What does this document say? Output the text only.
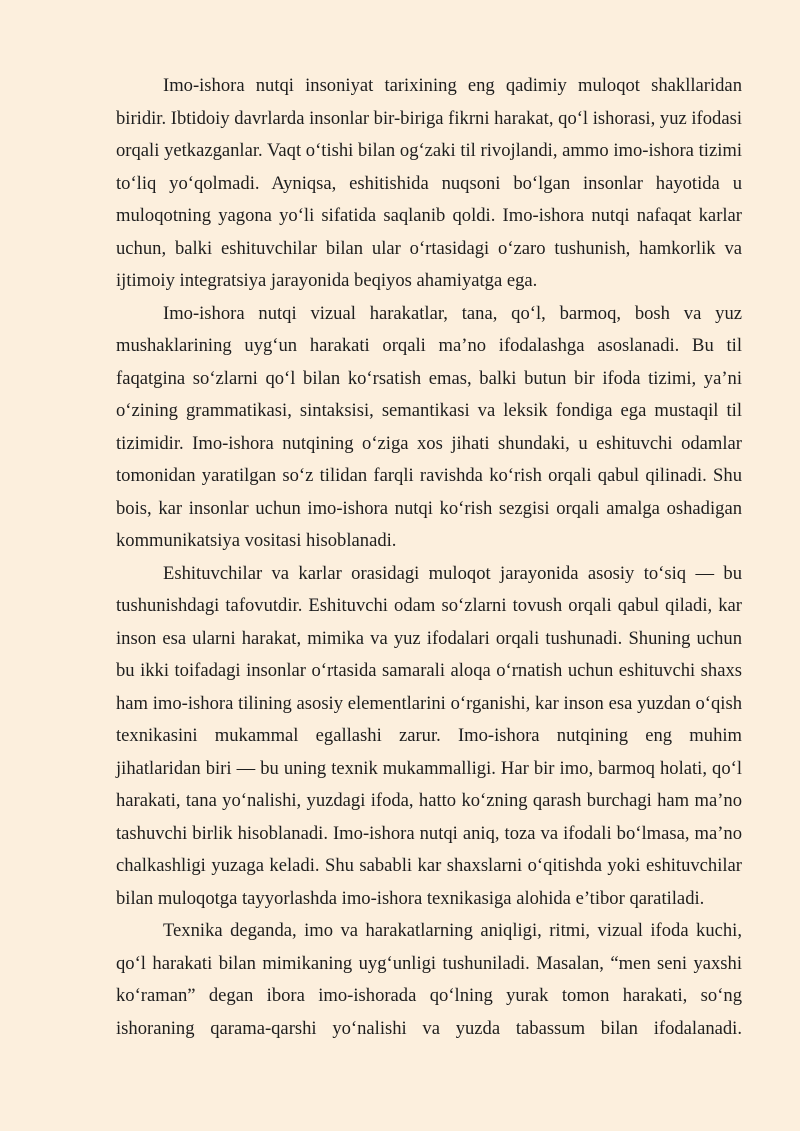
Imo-ishora nutqi insoniyat tarixining eng qadimiy muloqot shakllaridan biridir. Ibtidoiy davrlarda insonlar bir-biriga fikrni harakat, qo‘l ishorasi, yuz ifodasi orqali yetkazganlar. Vaqt o‘tishi bilan og‘zaki til rivojlandi, ammo imo-ishora tizimi to‘liq yo‘qolmadi. Ayniqsa, eshitishida nuqsoni bo‘lgan insonlar hayotida u muloqotning yagona yo‘li sifatida saqlanib qoldi. Imo-ishora nutqi nafaqat karlar uchun, balki eshituvchilar bilan ular o‘rtasidagi o‘zaro tushunish, hamkorlik va ijtimoiy integratsiya jarayonida beqiyos ahamiyatga ega.

Imo-ishora nutqi vizual harakatlar, tana, qo‘l, barmoq, bosh va yuz mushaklarining uyg‘un harakati orqali ma’no ifodalashga asoslanadi. Bu til faqatgina so‘zlarni qo‘l bilan ko‘rsatish emas, balki butun bir ifoda tizimi, ya’ni o‘zining grammatikasi, sintaksisi, semantikasi va leksik fondiga ega mustaqil til tizimidir. Imo-ishora nutqining o‘ziga xos jihati shundaki, u eshituvchi odamlar tomonidan yaratilgan so‘z tilidan farqli ravishda ko‘rish orqali qabul qilinadi. Shu bois, kar insonlar uchun imo-ishora nutqi ko‘rish sezgisi orqali amalga oshadigan kommunikatsiya vositasi hisoblanadi.

Eshituvchilar va karlar orasidagi muloqot jarayonida asosiy to‘siq — bu tushunishdagi tafovutdir. Eshituvchi odam so‘zlarni tovush orqali qabul qiladi, kar inson esa ularni harakat, mimika va yuz ifodalari orqali tushunadi. Shuning uchun bu ikki toifadagi insonlar o‘rtasida samarali aloqa o‘rnatish uchun eshituvchi shaxs ham imo-ishora tilining asosiy elementlarini o‘rganishi, kar inson esa yuzdan o‘qish texnikasini mukammal egallashi zarur. Imo-ishora nutqining eng muhim jihatlaridan biri — bu uning texnik mukammalligi. Har bir imo, barmoq holati, qo‘l harakati, tana yo‘nalishi, yuzdagi ifoda, hatto ko‘zning qarash burchagi ham ma’no tashuvchi birlik hisoblanadi. Imo-ishora nutqi aniq, toza va ifodali bo‘lmasa, ma’no chalkashligi yuzaga keladi. Shu sababli kar shaxslarni o‘qitishda yoki eshituvchilar bilan muloqotga tayyorlashda imo-ishora texnikasiga alohida e’tibor qaratiladi.

Texnika deganda, imo va harakatlarning aniqligi, ritmi, vizual ifoda kuchi, qo‘l harakati bilan mimikaning uyg‘unligi tushuniladi. Masalan, “men seni yaxshi ko‘raman” degan ibora imo-ishorada qo‘lning yurak tomon harakati, so‘ng ishoraning qarama-qarshi yo‘nalishi va yuzda tabassum bilan ifodalanadi.
